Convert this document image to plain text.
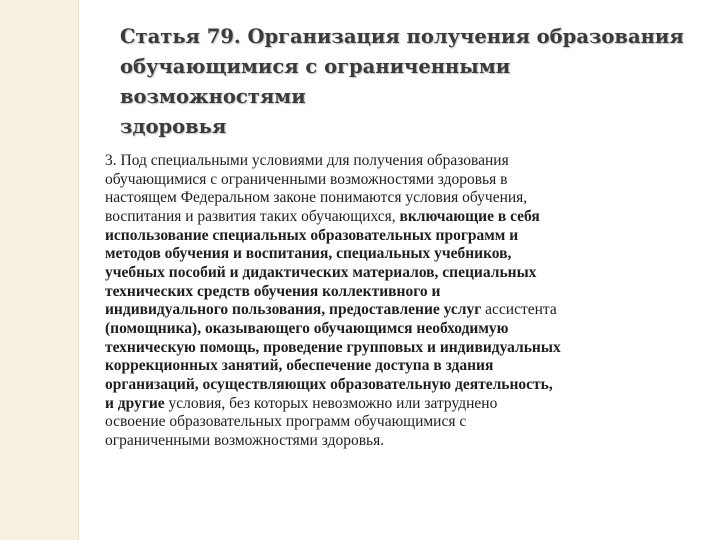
Статья 79. Организация получения образования
обучающимися с ограниченными возможностями
здоровья

3. Под специальными условиями для получения образования
обучающимися с ограниченными возможностями здоровья в
настоящем Федеральном законе понимаются условия обучения,
воспитания и развития таких обучающихся, включающие в себя
использование специальных образовательных программ и
методов обучения и воспитания, специальных учебников,
учебных пособий и дидактических материалов, специальных
технических средств обучения коллективного и
индивидуального пользования, предоставление услуг ассистента
(помощника), оказывающего обучающимся необходимую
техническую помощь, проведение групповых и индивидуальных
коррекционных занятий, обеспечение доступа в здания
организаций, осуществляющих образовательную деятельность,
и другие условия, без которых невозможно или затруднено
освоение образовательных программ обучающимися с
ограниченными возможностями здоровья.
